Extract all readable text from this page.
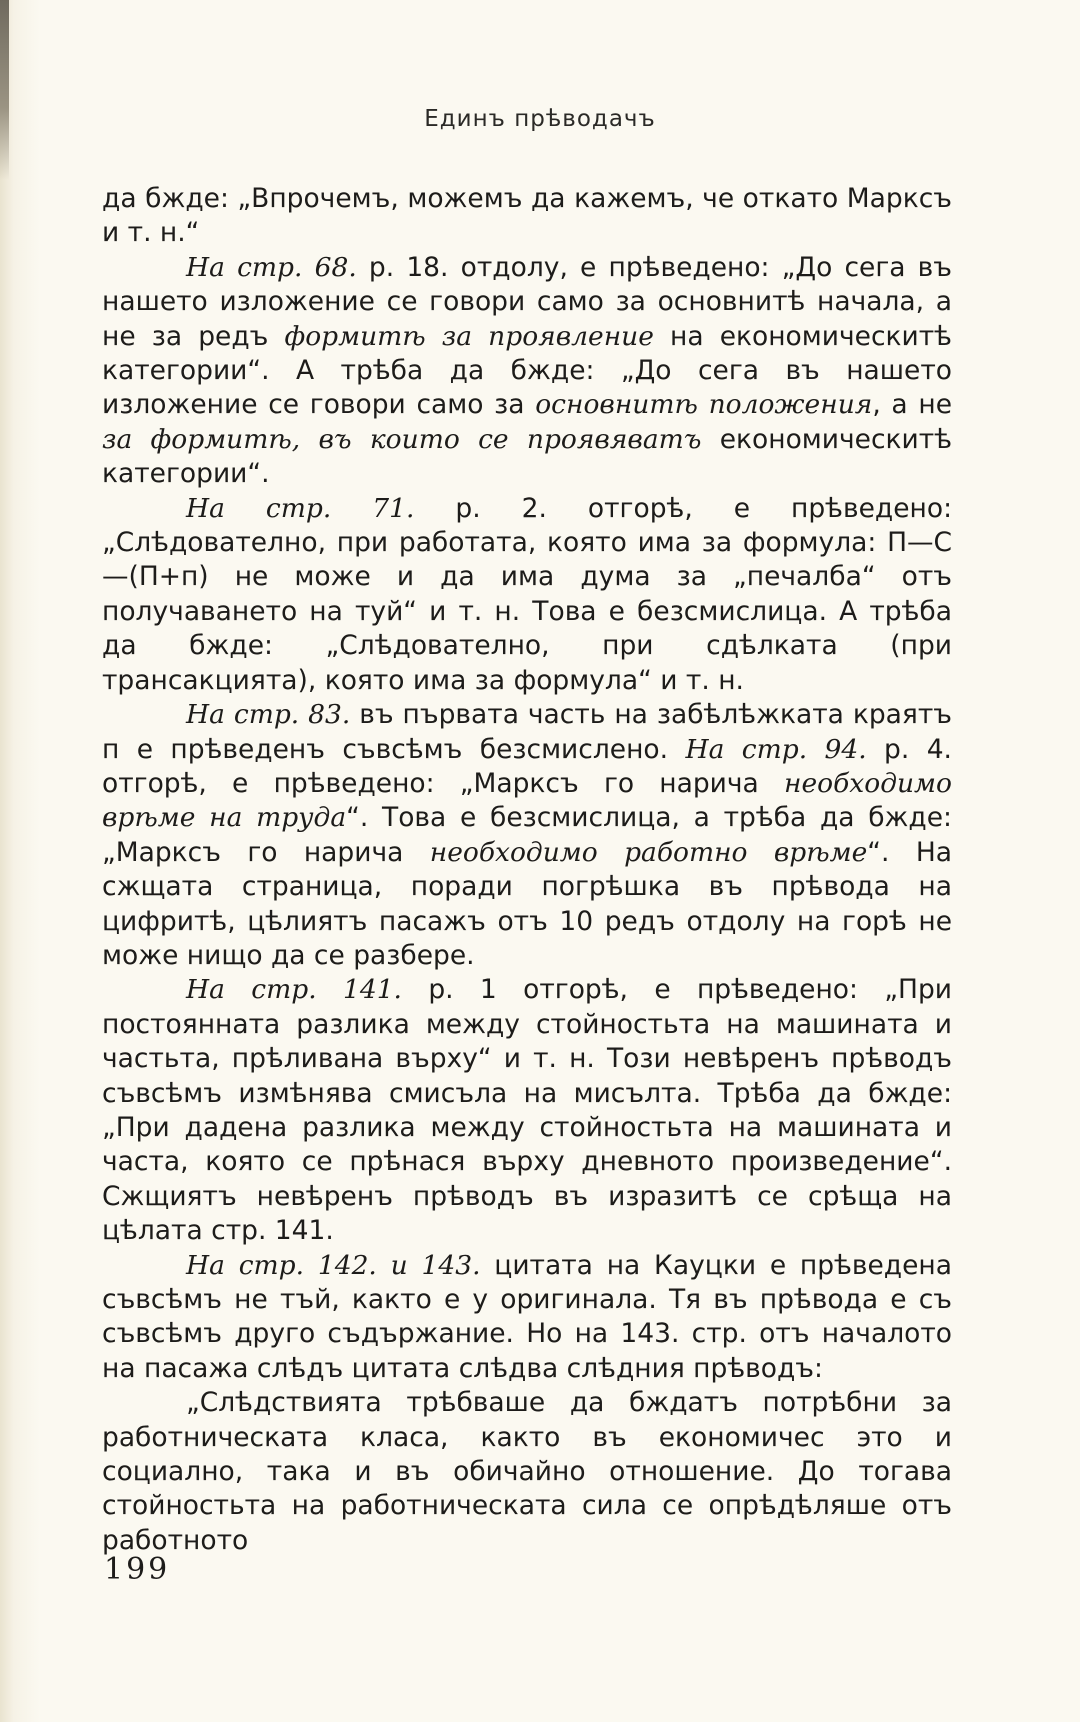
Единъ прѣводачъ

да бжде: „Впрочемъ, можемъ да кажемъ, че откато Марксъ и т. н.“

На стр. 68. р. 18. отдолу, е прѣведено: „До сега въ нашето изложение се говори само за основнитѣ начала, а не за редъ формитѣ за проявление на економическитѣ категории“. А трѣба да бжде: „До сега въ нашето изложение се говори само за основнитѣ положения, а не за формитѣ, въ които се проявяватъ економическитѣ категории“.

На стр. 71. р. 2. отгорѣ, е прѣведено: „Слѣдователно, при работата, която има за формула: П—С—(П+п) не може и да има дума за „печалба“ отъ получаването на туй“ и т. н. Това е безсмислица. А трѣба да бжде: „Слѣдователно, при сдѣлката (при трансакцията), която има за формула“ и т. н.

На стр. 83. въ първата часть на забѣлѣжката краятъ п е прѣведенъ съвсѣмъ безсмислено. На стр. 94. р. 4. отгорѣ, е прѣведено: „Марксъ го нарича необходимо врѣме на труда“. Това е безсмислица, а трѣба да бжде: „Марксъ го нарича необходимо работно врѣме“. На сжщата страница, поради погрѣшка въ прѣвода на цифритѣ, цѣлиятъ пасажъ отъ 10 редъ отдолу на горѣ не може нищо да се разбере.

На стр. 141. р. 1 отгорѣ, е прѣведено: „При постоянната разлика между стойностьта на машината и частьта, прѣливана върху“ и т. н. Този невѣренъ прѣводъ съвсѣмъ измѣнява смисъла на мисълта. Трѣба да бжде: „При дадена разлика между стойностьта на машината и часта, която се прѣнася върху дневното произведение“. Сжщиятъ невѣренъ прѣводъ въ изразитѣ се срѣща на цѣлата стр. 141.

На стр. 142. и 143. цитата на Кауцки е прѣведена съвсѣмъ не тъй, както е у оригинала. Тя въ прѣвода е съ съвсѣмъ друго съдържание. Но на 143. стр. отъ началото на пасажа слѣдъ цитата слѣдва слѣдния прѣводъ:

„Слѣдствията трѣбваше да бждатъ потрѣбни за работническата класа, както въ економичес это и социално, така и въ обичайно отношение. До тогава стойностьта на работническата сила се опрѣдѣляше отъ работното

199
